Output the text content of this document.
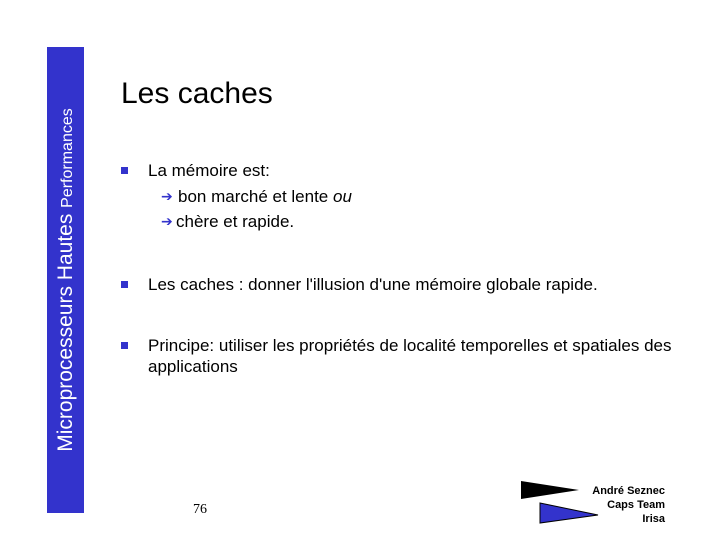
Microprocesseurs Hautes Performances
Les caches
La mémoire est:
➔ bon marché et lente ou
➔ chère et rapide.
Les caches : donner l'illusion d'une mémoire globale rapide.
Principe: utiliser les propriétés de localité temporelles et spatiales des applications
76
André Seznec
Caps Team
Irisa
